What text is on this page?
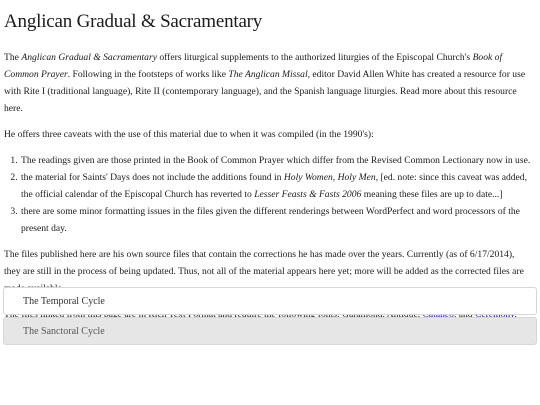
Anglican Gradual & Sacramentary

The Anglican Gradual & Sacramentary offers liturgical supplements to the authorized liturgies of the Episcopal Church's Book of Common Prayer. Following in the footsteps of works like The Anglican Missal, editor David Allen White has created a resource for use with Rite I (traditional language), Rite II (contemporary language), and the Spanish language liturgies. Read more about this resource here.

He offers three caveats with the use of this material due to when it was compiled (in the 1990's):

1. The readings given are those printed in the Book of Common Prayer which differ from the Revised Common Lectionary now in use.
2. the material for Saints' Days does not include the additions found in Holy Women, Holy Men, [ed. note: since this caveat was added, the official calendar of the Episcopal Church has reverted to Lesser Feasts & Fasts 2006 meaning these files are up to date...]
3. there are some minor formatting issues in the files given the different renderings between WordPerfect and word processors of the present day.

The files published here are his own source files that contain the corrections he has made over the years. Currently (as of 6/17/2014), they are still in the process of being updated. Thus, not all of the material appears here yet; more will be added as the corrected files are

The Temporal Cycle
The Sanctoral Cycle
